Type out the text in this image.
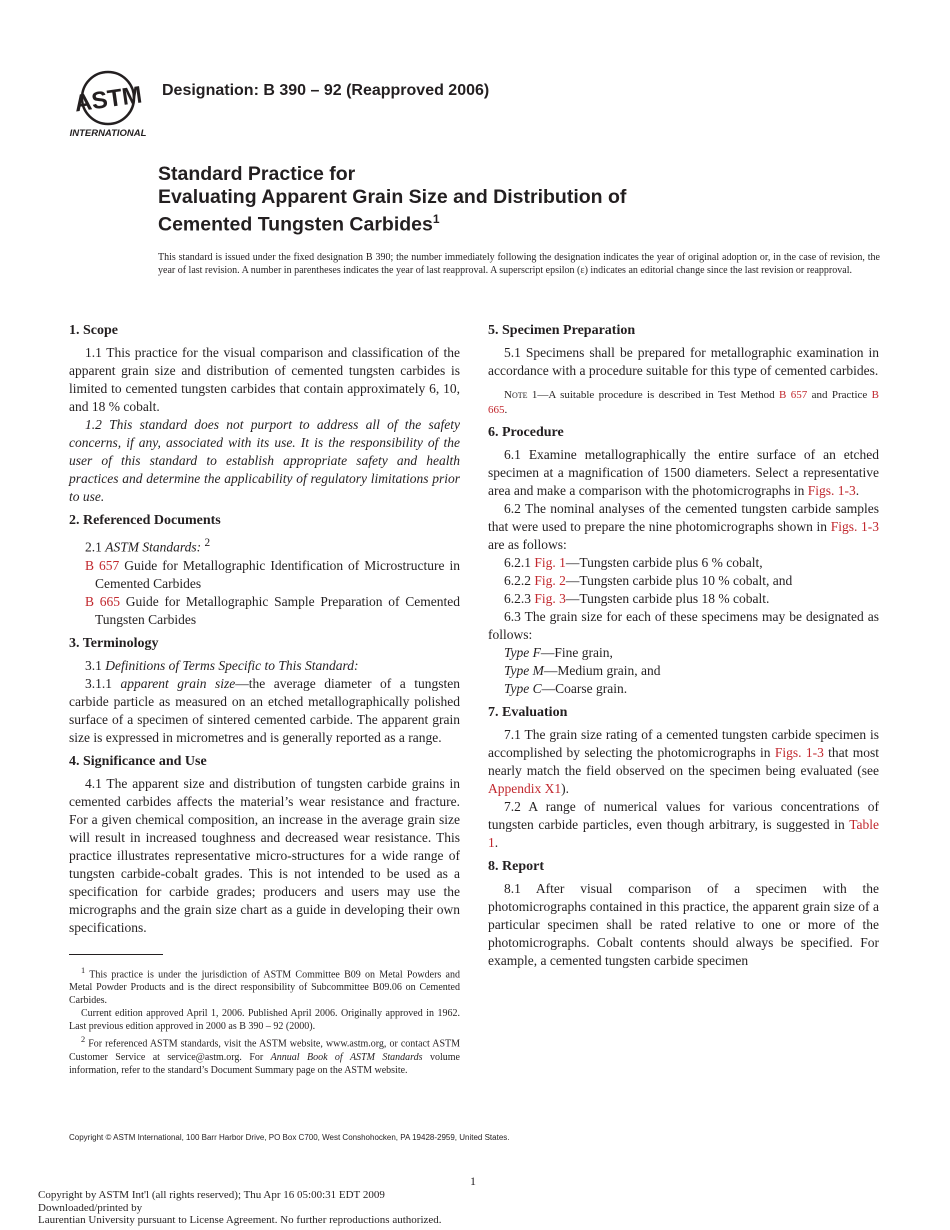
ASTM
INTERNATIONAL
Designation: B 390 – 92 (Reapproved 2006)
Standard Practice for
Evaluating Apparent Grain Size and Distribution of
Cemented Tungsten Carbides$^1$
This standard is issued under the fixed designation B 390; the number immediately following the designation indicates the year of original adoption or, in the case of revision, the year of last revision. A number in parentheses indicates the year of last reapproval. A superscript epsilon (ε) indicates an editorial change since the last revision or reapproval.
1. Scope

1.1 This practice for the visual comparison and classification of the apparent grain size and distribution of cemented tungsten carbides is limited to cemented tungsten carbides that contain approximately 6, 10, and 18 % cobalt.

1.2 This standard does not purport to address all of the safety concerns, if any, associated with its use. It is the responsibility of the user of this standard to establish appropriate safety and health practices and determine the applicability of regulatory limitations prior to use.

2. Referenced Documents

2.1 ASTM Standards: $^2$

B 657 Guide for Metallographic Identification of Microstructure in Cemented Carbides

B 665 Guide for Metallographic Sample Preparation of Cemented Tungsten Carbides

3. Terminology

3.1 Definitions of Terms Specific to This Standard:

3.1.1 apparent grain size—the average diameter of a tungsten carbide particle as measured on an etched metallographically polished surface of a specimen of sintered cemented carbide. The apparent grain size is expressed in micrometres and is generally reported as a range.

4. Significance and Use

4.1 The apparent size and distribution of tungsten carbide grains in cemented carbides affects the material’s wear resistance and fracture. For a given chemical composition, an increase in the average grain size will result in increased toughness and decreased wear resistance. This practice illustrates representative micro-structures for a wide range of tungsten carbide-cobalt grades. This is not intended to be used as a specification for carbide grades; producers and users may use the micrographs and the grain size chart as a guide in developing their own specifications.

5. Specimen Preparation

5.1 Specimens shall be prepared for metallographic examination in accordance with a procedure suitable for this type of cemented carbides.

Note 1—A suitable procedure is described in Test Method B 657 and Practice B 665.

6. Procedure

6.1 Examine metallographically the entire surface of an etched specimen at a magnification of 1500 diameters. Select a representative area and make a comparison with the photomicrographs in Figs. 1-3.

6.2 The nominal analyses of the cemented tungsten carbide samples that were used to prepare the nine photomicrographs shown in Figs. 1-3 are as follows:

6.2.1 Fig. 1—Tungsten carbide plus 6 % cobalt,

6.2.2 Fig. 2—Tungsten carbide plus 10 % cobalt, and

6.2.3 Fig. 3—Tungsten carbide plus 18 % cobalt.

6.3 The grain size for each of these specimens may be designated as follows:

Type F—Fine grain,

Type M—Medium grain, and

Type C—Coarse grain.

7. Evaluation

7.1 The grain size rating of a cemented tungsten carbide specimen is accomplished by selecting the photomicrographs in Figs. 1-3 that most nearly match the field observed on the specimen being evaluated (see Appendix X1).

7.2 A range of numerical values for various concentrations of tungsten carbide particles, even though arbitrary, is suggested in Table 1.

8. Report

8.1 After visual comparison of a specimen with the photomicrographs contained in this practice, the apparent grain size of a particular specimen shall be rated relative to one or more of the photomicrographs. Cobalt contents should always be specified. For example, a cemented tungsten carbide specimen

$^1$ This practice is under the jurisdiction of ASTM Committee B09 on Metal Powders and Metal Powder Products and is the direct responsibility of Subcommittee B09.06 on Cemented Carbides.

Current edition approved April 1, 2006. Published April 2006. Originally approved in 1962. Last previous edition approved in 2000 as B 390 – 92 (2000).

$^2$ For referenced ASTM standards, visit the ASTM website, www.astm.org, or contact ASTM Customer Service at service@astm.org. For Annual Book of ASTM Standards volume information, refer to the standard’s Document Summary page on the ASTM website.

Copyright © ASTM International, 100 Barr Harbor Drive, PO Box C700, West Conshohocken, PA 19428-2959, United States.
1
Copyright by ASTM Int'l (all rights reserved); Thu Apr 16 05:00:31 EDT 2009
Downloaded/printed by
Laurentian University pursuant to License Agreement. No further reproductions authorized.
